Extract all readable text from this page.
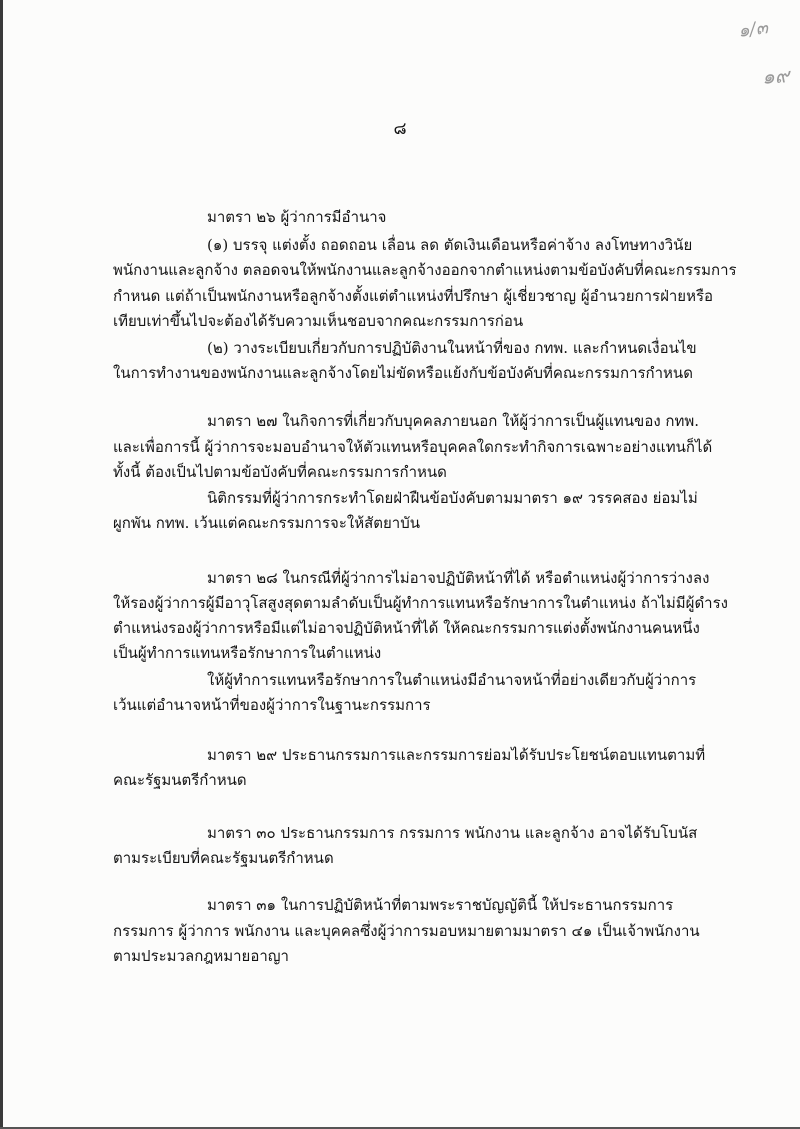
๑/๓
๑๙
๘
มาตรา ๒๖ ผู้ว่าการมีอำนาจ
(๑) บรรจุ แต่งตั้ง ถอดถอน เลื่อน ลด ตัดเงินเดือนหรือค่าจ้าง ลงโทษทางวินัย
พนักงานและลูกจ้าง ตลอดจนให้พนักงานและลูกจ้างออกจากตำแหน่งตามข้อบังคับที่คณะกรรมการ
กำหนด แต่ถ้าเป็นพนักงานหรือลูกจ้างตั้งแต่ตำแหน่งที่ปรึกษา ผู้เชี่ยวชาญ ผู้อำนวยการฝ่ายหรือ
เทียบเท่าขึ้นไปจะต้องได้รับความเห็นชอบจากคณะกรรมการก่อน
(๒) วางระเบียบเกี่ยวกับการปฏิบัติงานในหน้าที่ของ กทพ. และกำหนดเงื่อนไข
ในการทำงานของพนักงานและลูกจ้างโดยไม่ขัดหรือแย้งกับข้อบังคับที่คณะกรรมการกำหนด
มาตรา ๒๗ ในกิจการที่เกี่ยวกับบุคคลภายนอก ให้ผู้ว่าการเป็นผู้แทนของ กทพ.
และเพื่อการนี้ ผู้ว่าการจะมอบอำนาจให้ตัวแทนหรือบุคคลใดกระทำกิจการเฉพาะอย่างแทนก็ได้
ทั้งนี้ ต้องเป็นไปตามข้อบังคับที่คณะกรรมการกำหนด
นิติกรรมที่ผู้ว่าการกระทำโดยฝ่าฝืนข้อบังคับตามมาตรา ๑๙ วรรคสอง ย่อมไม่
ผูกพัน กทพ. เว้นแต่คณะกรรมการจะให้สัตยาบัน
มาตรา ๒๘ ในกรณีที่ผู้ว่าการไม่อาจปฏิบัติหน้าที่ได้ หรือตำแหน่งผู้ว่าการว่างลง
ให้รองผู้ว่าการผู้มีอาวุโสสูงสุดตามลำดับเป็นผู้ทำการแทนหรือรักษาการในตำแหน่ง ถ้าไม่มีผู้ดำรง
ตำแหน่งรองผู้ว่าการหรือมีแต่ไม่อาจปฏิบัติหน้าที่ได้ ให้คณะกรรมการแต่งตั้งพนักงานคนหนึ่ง
เป็นผู้ทำการแทนหรือรักษาการในตำแหน่ง
ให้ผู้ทำการแทนหรือรักษาการในตำแหน่งมีอำนาจหน้าที่อย่างเดียวกับผู้ว่าการ
เว้นแต่อำนาจหน้าที่ของผู้ว่าการในฐานะกรรมการ
มาตรา ๒๙ ประธานกรรมการและกรรมการย่อมได้รับประโยชน์ตอบแทนตามที่
คณะรัฐมนตรีกำหนด
มาตรา ๓๐ ประธานกรรมการ กรรมการ พนักงาน และลูกจ้าง อาจได้รับโบนัส
ตามระเบียบที่คณะรัฐมนตรีกำหนด
มาตรา ๓๑ ในการปฏิบัติหน้าที่ตามพระราชบัญญัตินี้ ให้ประธานกรรมการ
กรรมการ ผู้ว่าการ พนักงาน และบุคคลซึ่งผู้ว่าการมอบหมายตามมาตรา ๔๑ เป็นเจ้าพนักงาน
ตามประมวลกฎหมายอาญา
